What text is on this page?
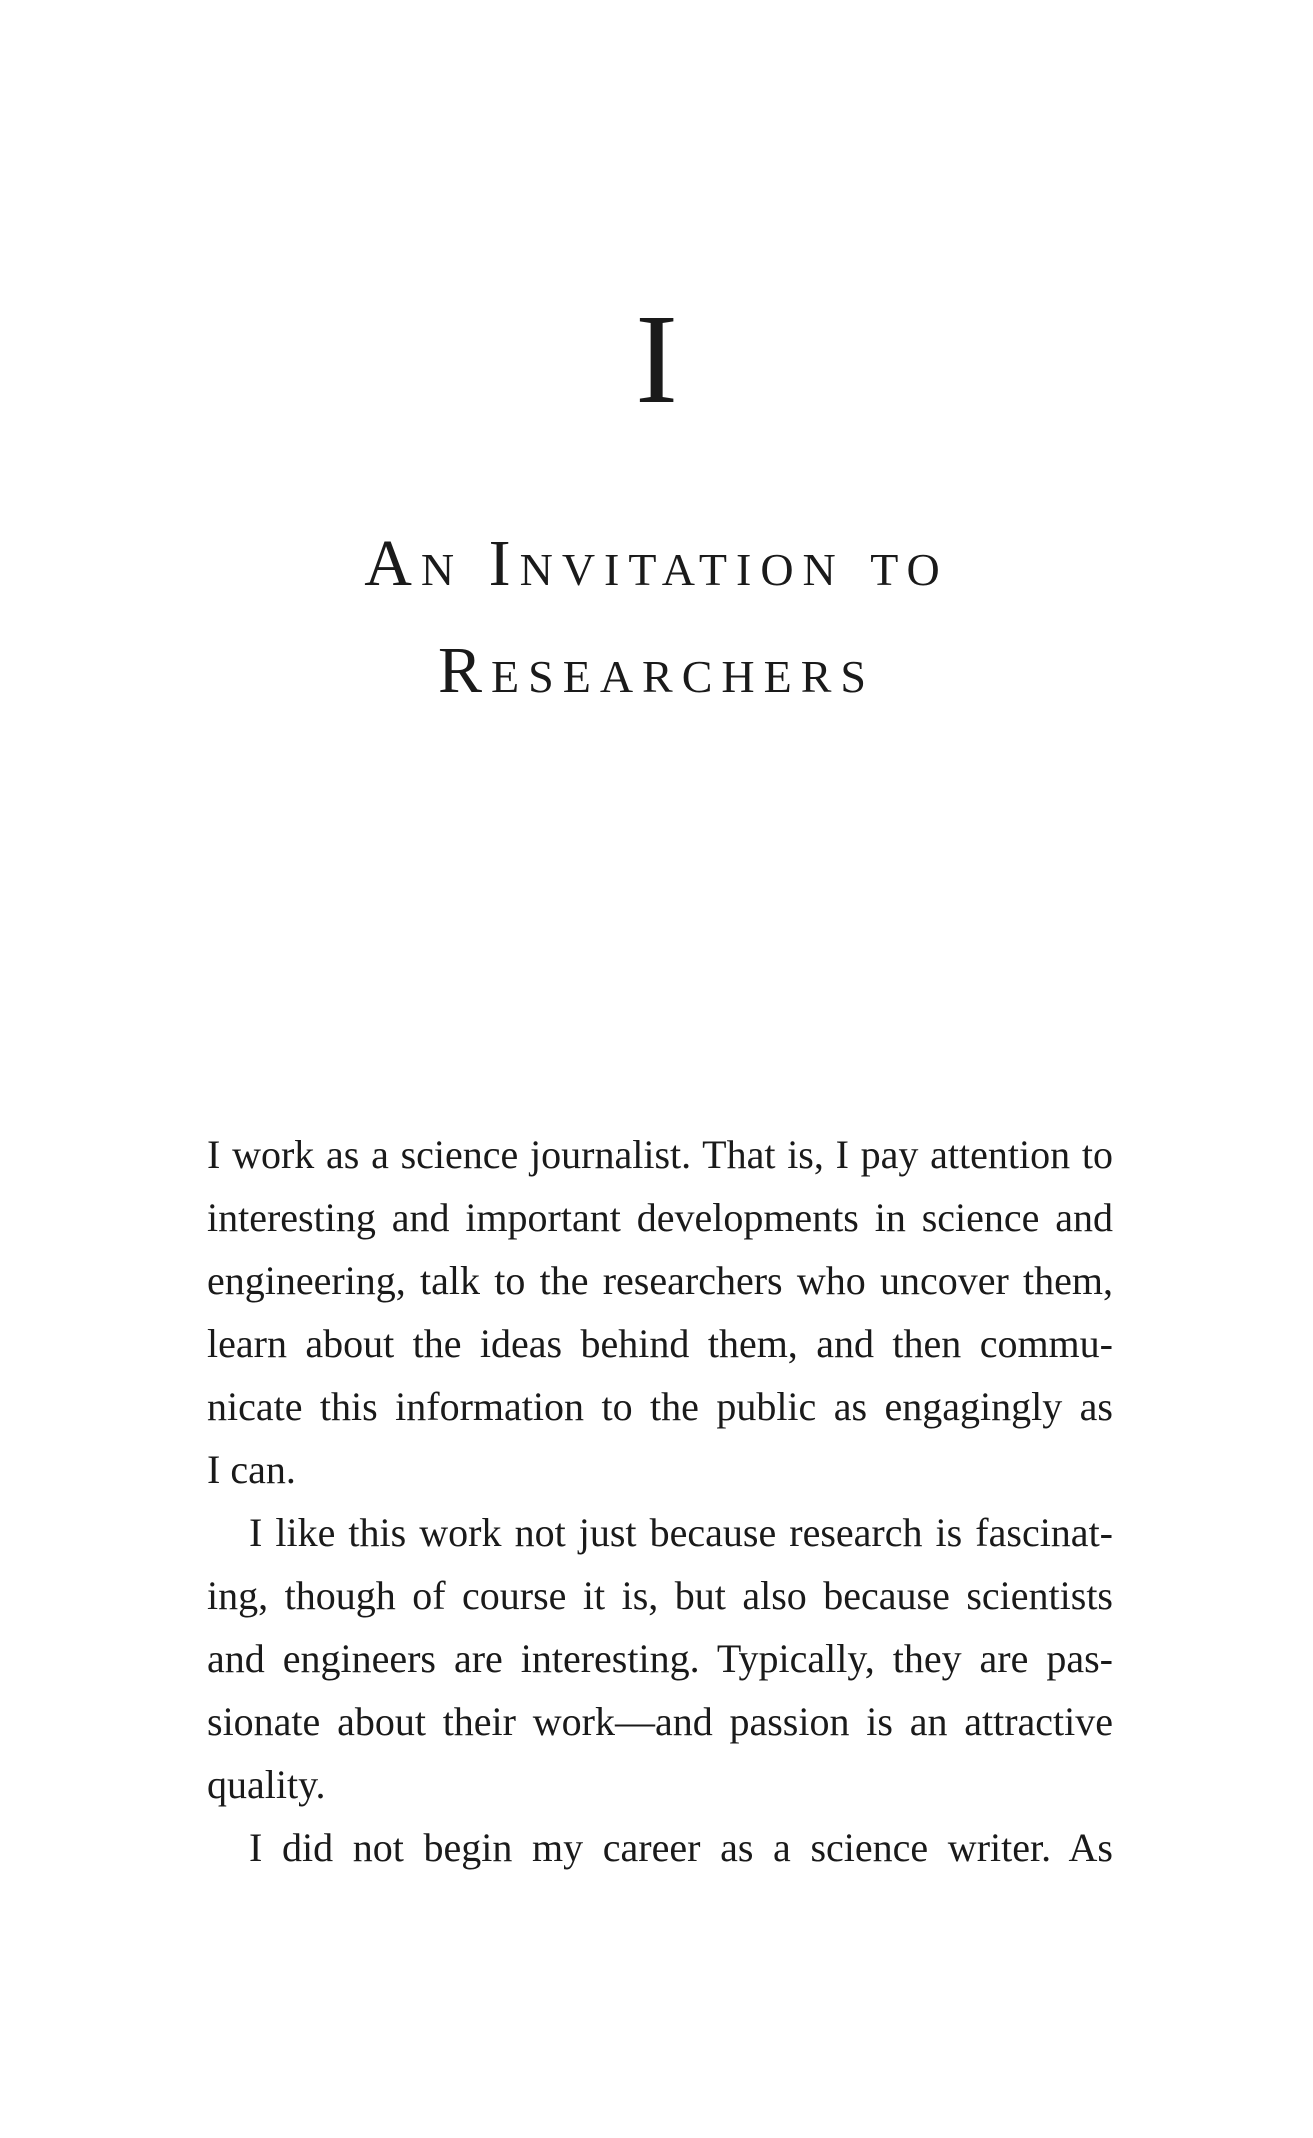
I
An Invitation to
Researchers
I work as a science journalist. That is, I pay attention to
interesting and important developments in science and
engineering, talk to the researchers who uncover them,
learn about the ideas behind them, and then commu-
nicate this information to the public as engagingly as
I can.
I like this work not just because research is fascinat-
ing, though of course it is, but also because scientists
and engineers are interesting. Typically, they are pas-
sionate about their work—and passion is an attractive
quality.
I did not begin my career as a science writer. As
